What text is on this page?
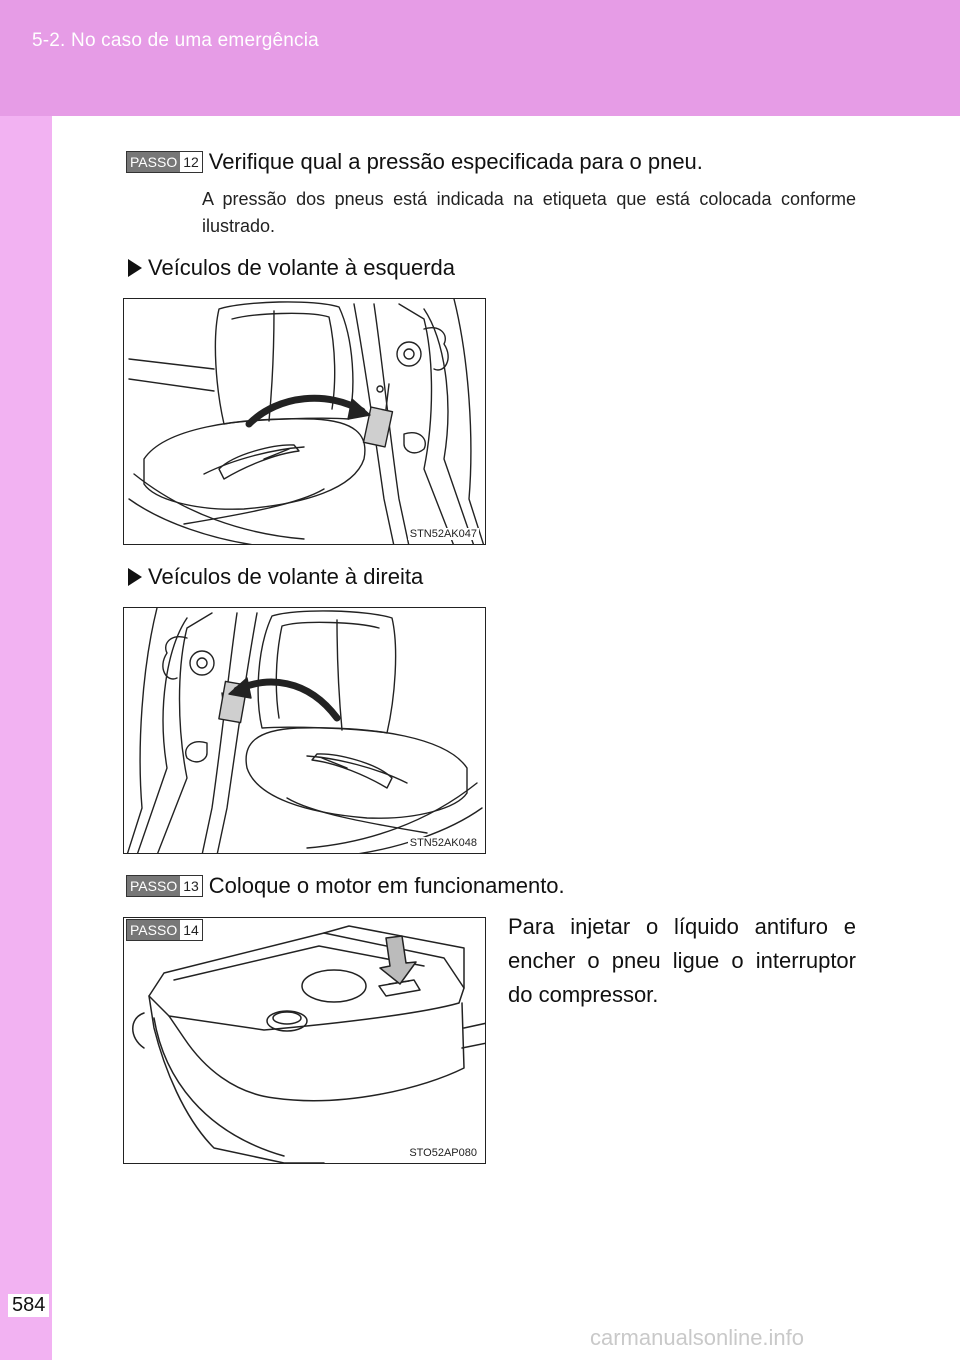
5-2. No caso de uma emergência
584
PASSO 12 Verifique qual a pressão especificada para o pneu.
A pressão dos pneus está indicada na etiqueta que está colocada conforme ilustrado.
Veículos de volante à esquerda
STN52AK047
Veículos de volante à direita
STN52AK048
PASSO 13 Coloque o motor em funcionamento.
STO52AP080
PASSO 14	Para injetar o líquido antifuro e encher o pneu ligue o interruptor do compressor.
carmanualsonline.info
